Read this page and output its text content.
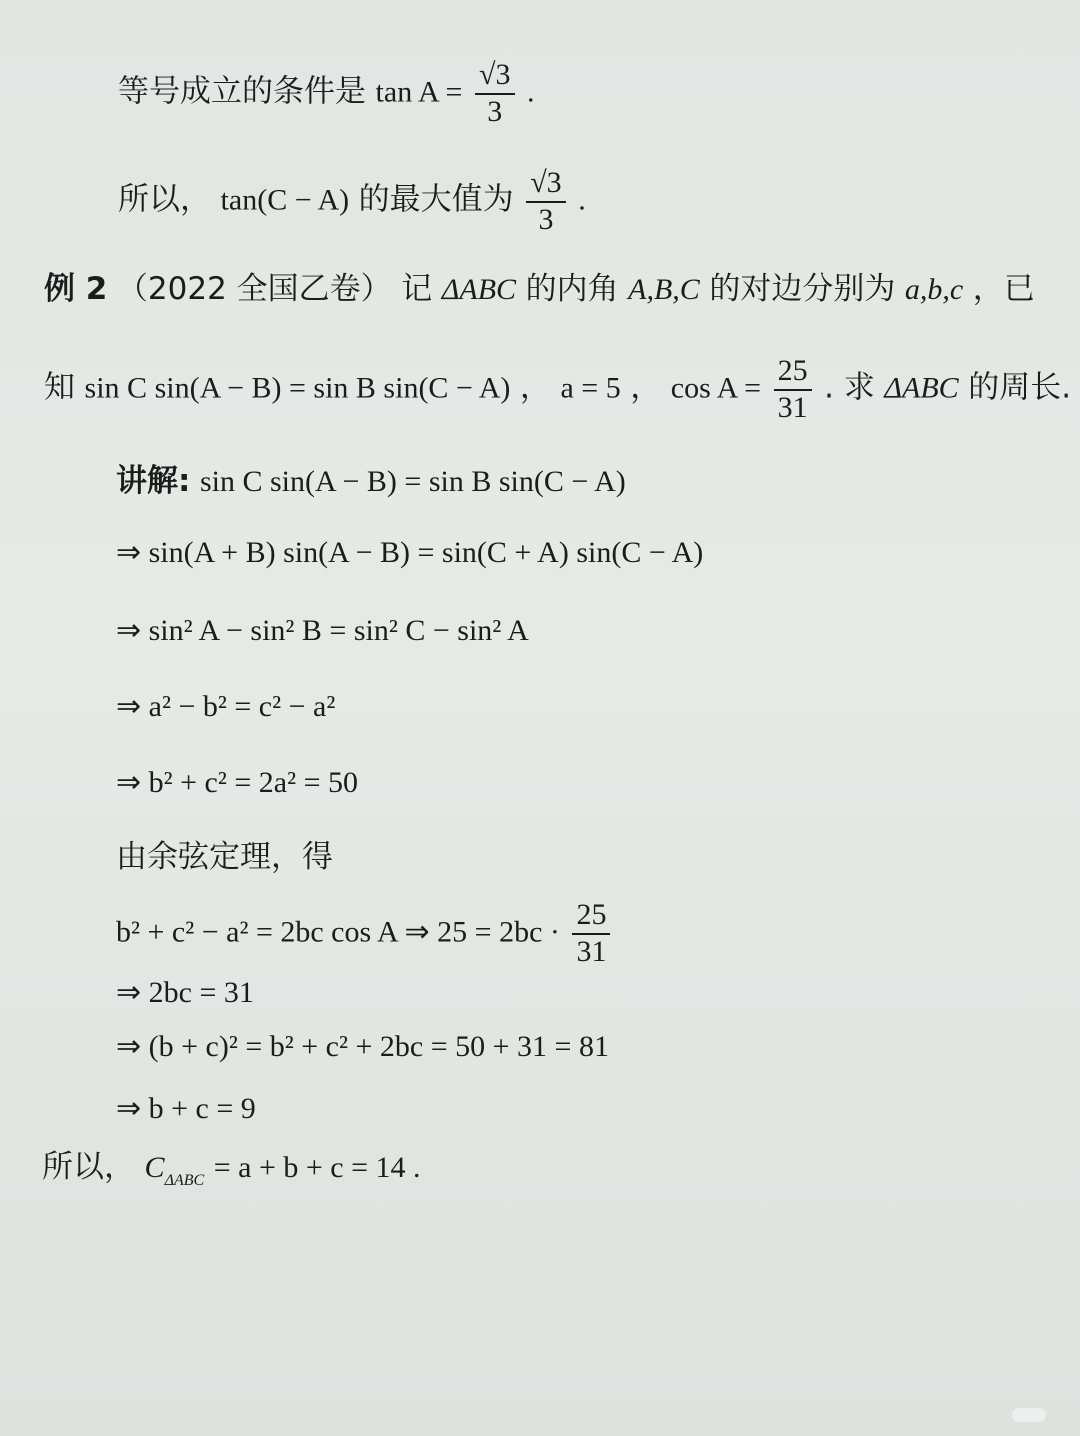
等号成立的条件是 $\tan A = \frac{√3}{3}$ .
所以， tan(C − A) 的最大值为 $\frac{√3}{3}$ .
例 2 （2022 全国乙卷） 记 ΔABC 的内角 A,B,C 的对边分别为 a,b,c ，已
知 sin C sin(A − B) = sin B sin(C − A) ， a = 5 ， $\cos A = \frac{25}{31}$ . 求 ΔABC 的周长.
讲解: sin C sin(A − B) = sin B sin(C − A)
⇒ sin(A + B) sin(A − B) = sin(C + A) sin(C − A)
⇒ sin² A − sin² B = sin² C − sin² A
⇒ a² − b² = c² − a²
⇒ b² + c² = 2a² = 50
由余弦定理，得
b² + c² − a² = 2bc cos A ⇒ $25 = 2bc \cdot \frac{25}{31}$
⇒ 2bc = 31
⇒ (b + c)² = b² + c² + 2bc = 50 + 31 = 81
⇒ b + c = 9
所以， $C_{\Delta ABC} = a + b + c = 14$ .
